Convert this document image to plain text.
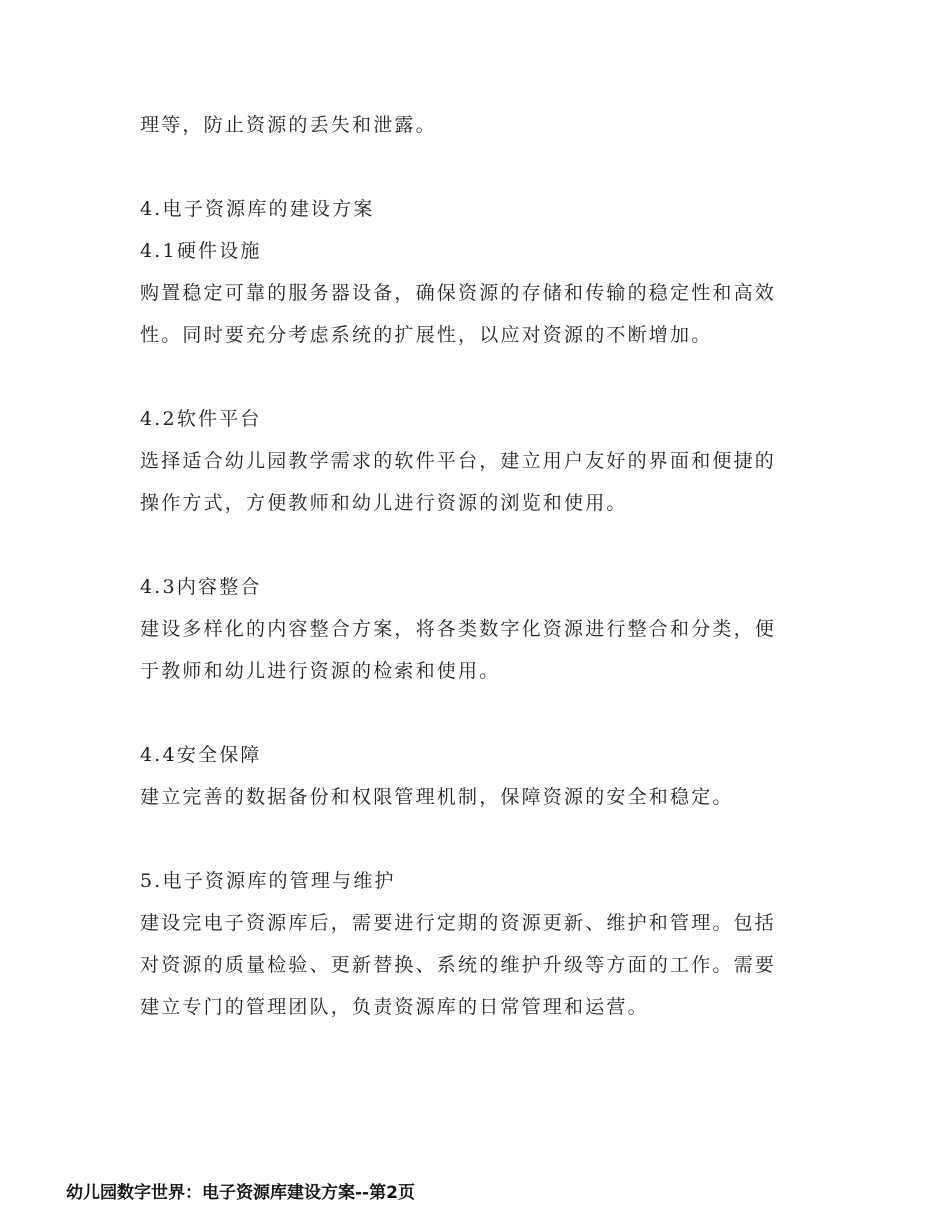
理等，防止资源的丢失和泄露。
4.电子资源库的建设方案
4.1硬件设施
购置稳定可靠的服务器设备，确保资源的存储和传输的稳定性和高效
性。同时要充分考虑系统的扩展性，以应对资源的不断增加。
4.2软件平台
选择适合幼儿园教学需求的软件平台，建立用户友好的界面和便捷的
操作方式，方便教师和幼儿进行资源的浏览和使用。
4.3内容整合
建设多样化的内容整合方案，将各类数字化资源进行整合和分类，便
于教师和幼儿进行资源的检索和使用。
4.4安全保障
建立完善的数据备份和权限管理机制，保障资源的安全和稳定。
5.电子资源库的管理与维护
建设完电子资源库后，需要进行定期的资源更新、维护和管理。包括
对资源的质量检验、更新替换、系统的维护升级等方面的工作。需要
建立专门的管理团队，负责资源库的日常管理和运营。
幼儿园数字世界：电子资源库建设方案--第2页
